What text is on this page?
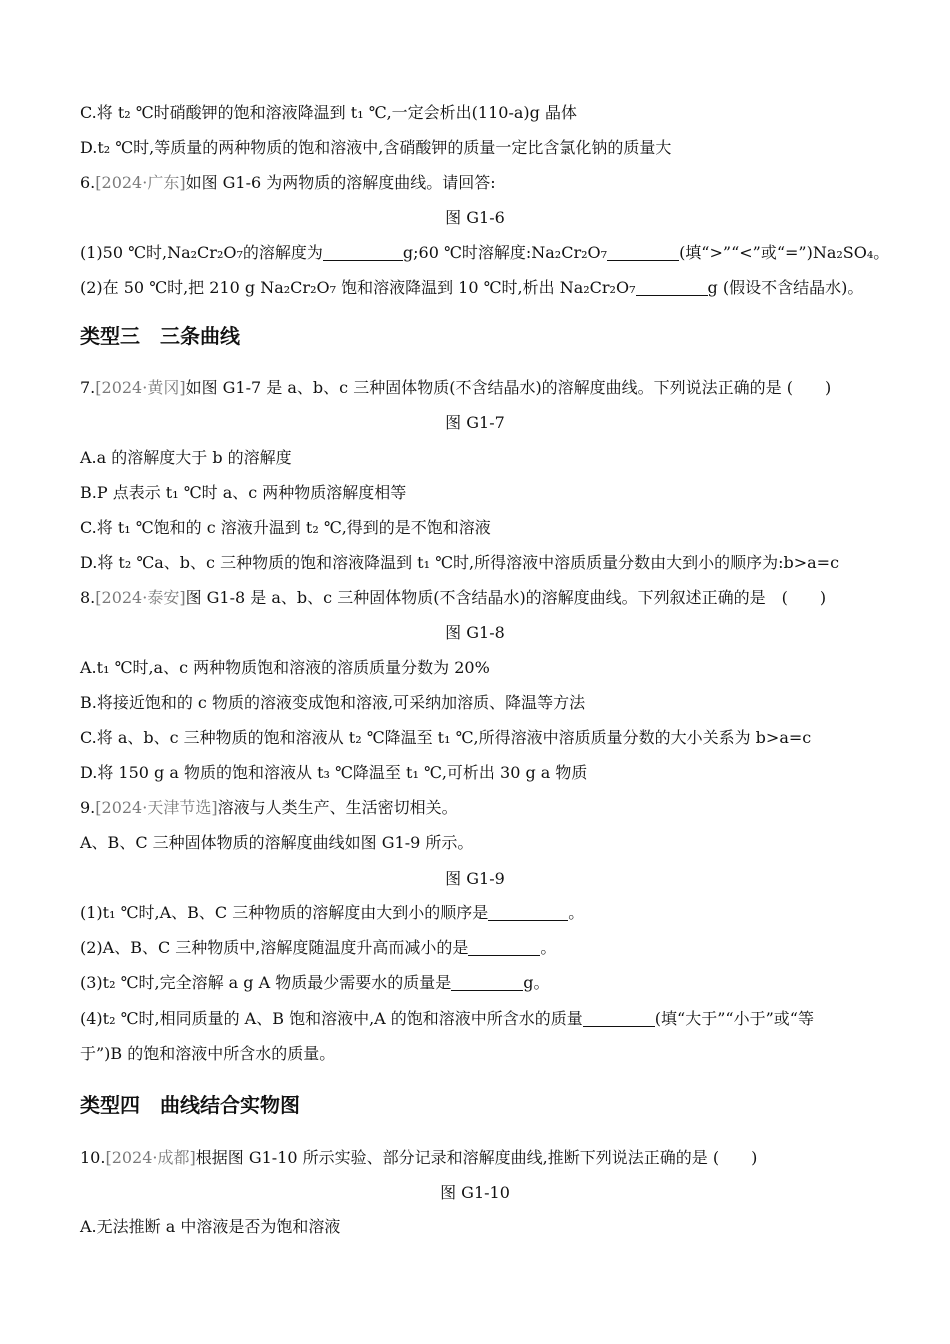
C.将 t₂ ℃时硝酸钾的饱和溶液降温到 t₁ ℃,一定会析出(110-a)g 晶体
D.t₂ ℃时,等质量的两种物质的饱和溶液中,含硝酸钾的质量一定比含氯化钠的质量大
6.[2024·广东]如图 G1-6 为两物质的溶解度曲线。请回答:
图 G1-6
(1)50 ℃时,Na₂Cr₂O₇的溶解度为	g;60 ℃时溶解度:Na₂Cr₂O₇	(填“>”“<”或“=”)Na₂SO₄。
(2)在 50 ℃时,把 210 g Na₂Cr₂O₇ 饱和溶液降温到 10 ℃时,析出 Na₂Cr₂O₇	g (假设不含结晶水)。
类型三　三条曲线
7.[2024·黄冈]如图 G1-7 是 a、b、c 三种固体物质(不含结晶水)的溶解度曲线。下列说法正确的是 (　　)
图 G1-7
A.a 的溶解度大于 b 的溶解度
B.P 点表示 t₁ ℃时 a、c 两种物质溶解度相等
C.将 t₁ ℃饱和的 c 溶液升温到 t₂ ℃,得到的是不饱和溶液
D.将 t₂ ℃a、b、c 三种物质的饱和溶液降温到 t₁ ℃时,所得溶液中溶质质量分数由大到小的顺序为:b>a=c
8.[2024·泰安]图 G1-8 是 a、b、c 三种固体物质(不含结晶水)的溶解度曲线。下列叙述正确的是　(　　)
图 G1-8
A.t₁ ℃时,a、c 两种物质饱和溶液的溶质质量分数为 20%
B.将接近饱和的 c 物质的溶液变成饱和溶液,可采纳加溶质、降温等方法
C.将 a、b、c 三种物质的饱和溶液从 t₂ ℃降温至 t₁ ℃,所得溶液中溶质质量分数的大小关系为 b>a=c
D.将 150 g a 物质的饱和溶液从 t₃ ℃降温至 t₁ ℃,可析出 30 g a 物质
9.[2024·天津节选]溶液与人类生产、生活密切相关。
A、B、C 三种固体物质的溶解度曲线如图 G1-9 所示。
图 G1-9
(1)t₁ ℃时,A、B、C 三种物质的溶解度由大到小的顺序是	。
(2)A、B、C 三种物质中,溶解度随温度升高而减小的是	。
(3)t₂ ℃时,完全溶解 a g A 物质最少需要水的质量是	g。
(4)t₂ ℃时,相同质量的 A、B 饱和溶液中,A 的饱和溶液中所含水的质量	(填“大于”“小于”或“等
于”)B 的饱和溶液中所含水的质量。
类型四　曲线结合实物图
10.[2024·成都]根据图 G1-10 所示实验、部分记录和溶解度曲线,推断下列说法正确的是 (　　)
图 G1-10
A.无法推断 a 中溶液是否为饱和溶液
